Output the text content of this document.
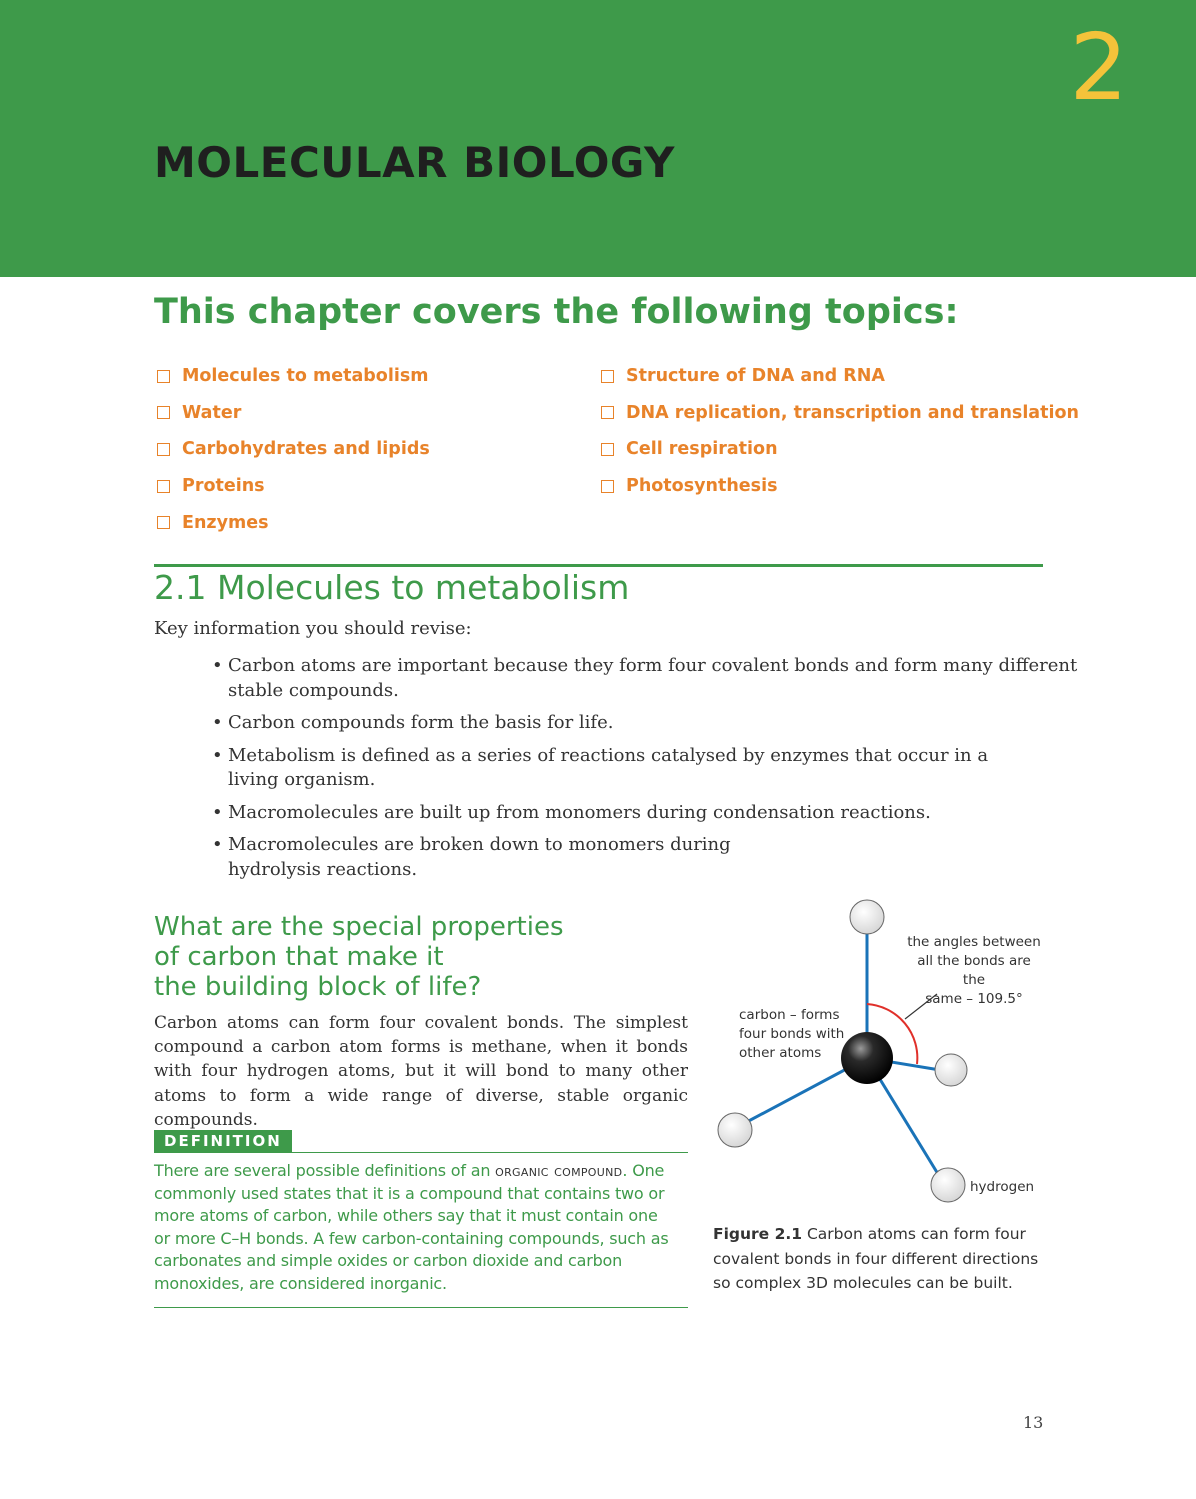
2
MOLECULAR BIOLOGY
This chapter covers the following topics:
Molecules to metabolism
Water
Carbohydrates and lipids
Proteins
Enzymes
Structure of DNA and RNA
DNA replication, transcription and translation
Cell respiration
Photosynthesis
2.1 Molecules to metabolism

Key information you should revise:

• Carbon atoms are important because they form four covalent bonds and form many different
stable compounds.
• Carbon compounds form the basis for life.
• Metabolism is defined as a series of reactions catalysed by enzymes that occur in a
living organism.
• Macromolecules are built up from monomers during condensation reactions.
• Macromolecules are broken down to monomers during
hydrolysis reactions.
What are the special properties
of carbon that make it
the building block of life?

Carbon atoms can form four covalent bonds. The simplest compound a carbon atom forms is methane, when it bonds with four hydrogen atoms, but it will bond to many other atoms to form a wide range of diverse, stable organic compounds.

DEFINITION

There are several possible definitions of an organic compound. One commonly used states that it is a compound that contains two or more atoms of carbon, while others say that it must contain one or more C–H bonds. A few carbon-containing compounds, such as carbonates and simple oxides or carbon dioxide and carbon monoxides, are considered inorganic.

the angles between
all the bonds are the
same – 109.5°
carbon – forms
four bonds with
other atoms
hydrogen

Figure 2.1 Carbon atoms can form four covalent bonds in four different directions so complex 3D molecules can be built.

13
